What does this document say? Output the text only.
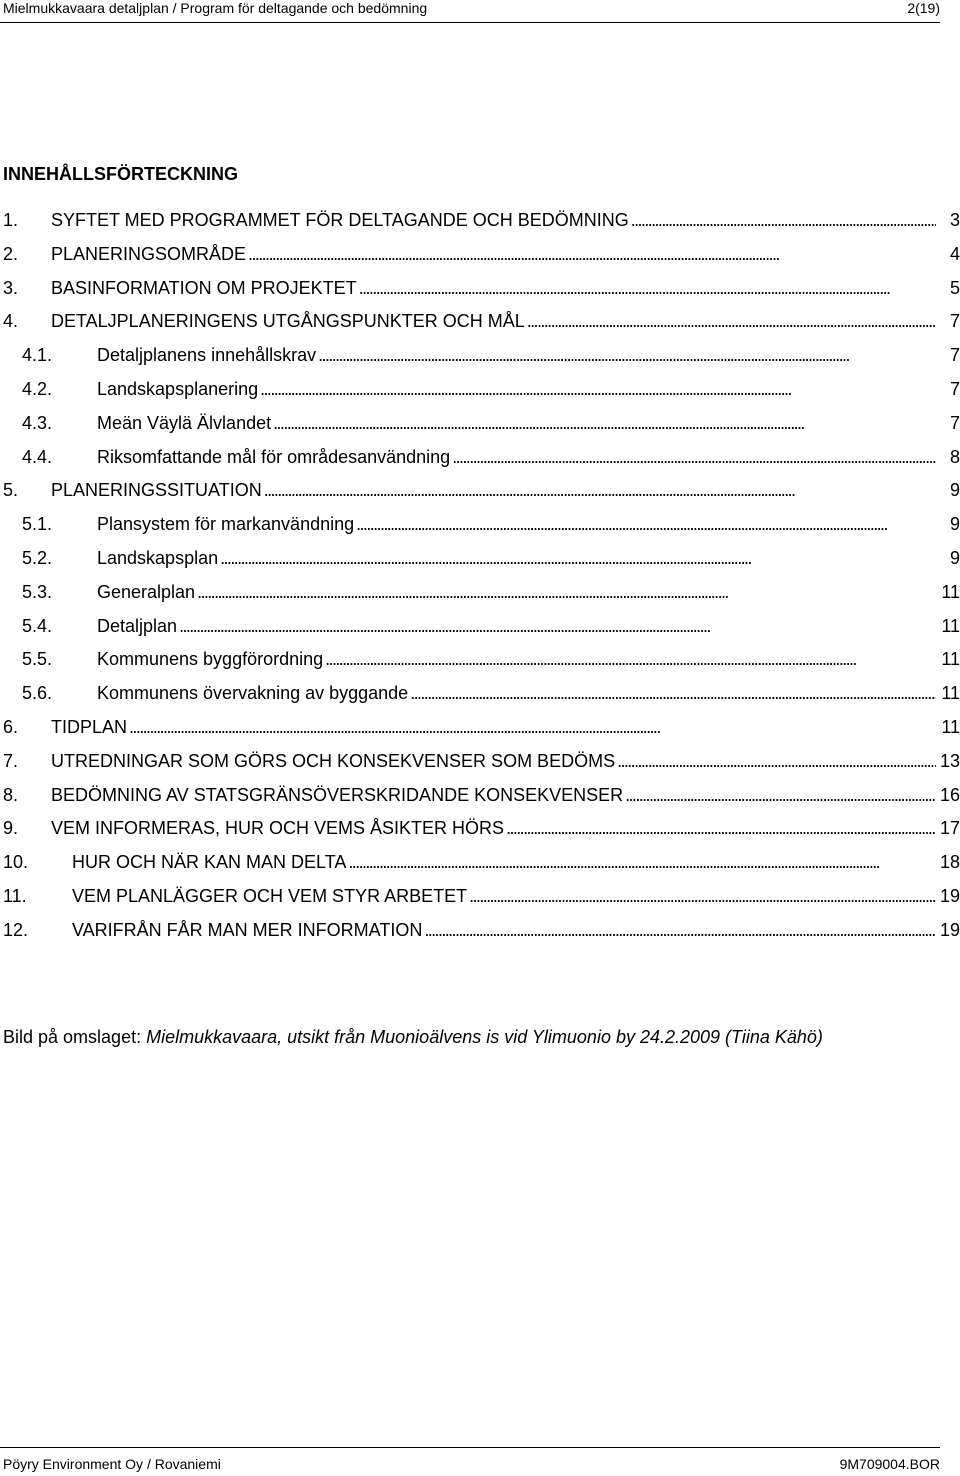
Mielmukkavaara detaljplan / Program för deltagande och bedömning	2(19)
INNEHÅLLSFÖRTECKNING
1.	SYFTET MED PROGRAMMET FÖR DELTAGANDE OCH BEDÖMNING . . .	3
2.	PLANERINGSOMRÅDE . . .	4
3.	BASINFORMATION OM PROJEKTET . . .	5
4.	DETALJPLANERINGENS UTGÅNGSPUNKTER OCH MÅL . . .	7
4.1.	Detaljplanens innehållskrav . . .	7
4.2.	Landskapsplanering . . .	7
4.3.	Meän Väylä Älvlandet . . .	7
4.4.	Riksomfattande mål för områdesanvändning . . .	8
5.	PLANERINGSSITUATION . . .	9
5.1.	Plansystem för markanvändning . . .	9
5.2.	Landskapsplan . . .	9
5.3.	Generalplan . . .	11
5.4.	Detaljplan . . .	11
5.5.	Kommunens byggförordning . . .	11
5.6.	Kommunens övervakning av byggande . . .	11
6.	TIDPLAN . . .	11
7.	UTREDNINGAR SOM GÖRS OCH KONSEKVENSER SOM BEDÖMS . . .	13
8.	BEDÖMNING AV STATSGRÄNSÖVERSKRIDANDE KONSEKVENSER . . .	16
9.	VEM INFORMERAS, HUR OCH VEMS ÅSIKTER HÖRS . . .	17
10.	HUR OCH NÄR KAN MAN DELTA . . .	18
11.	VEM PLANLÄGGER OCH VEM STYR ARBETET . . .	19
12.	VARIFRÅN FÅR MAN MER INFORMATION . . .	19
Bild på omslaget: Mielmukkavaara, utsikt från Muonioälvens is vid Ylimuonio by 24.2.2009 (Tiina Kähö)
Pöyry Environment Oy / Rovaniemi	9M709004.BOR
